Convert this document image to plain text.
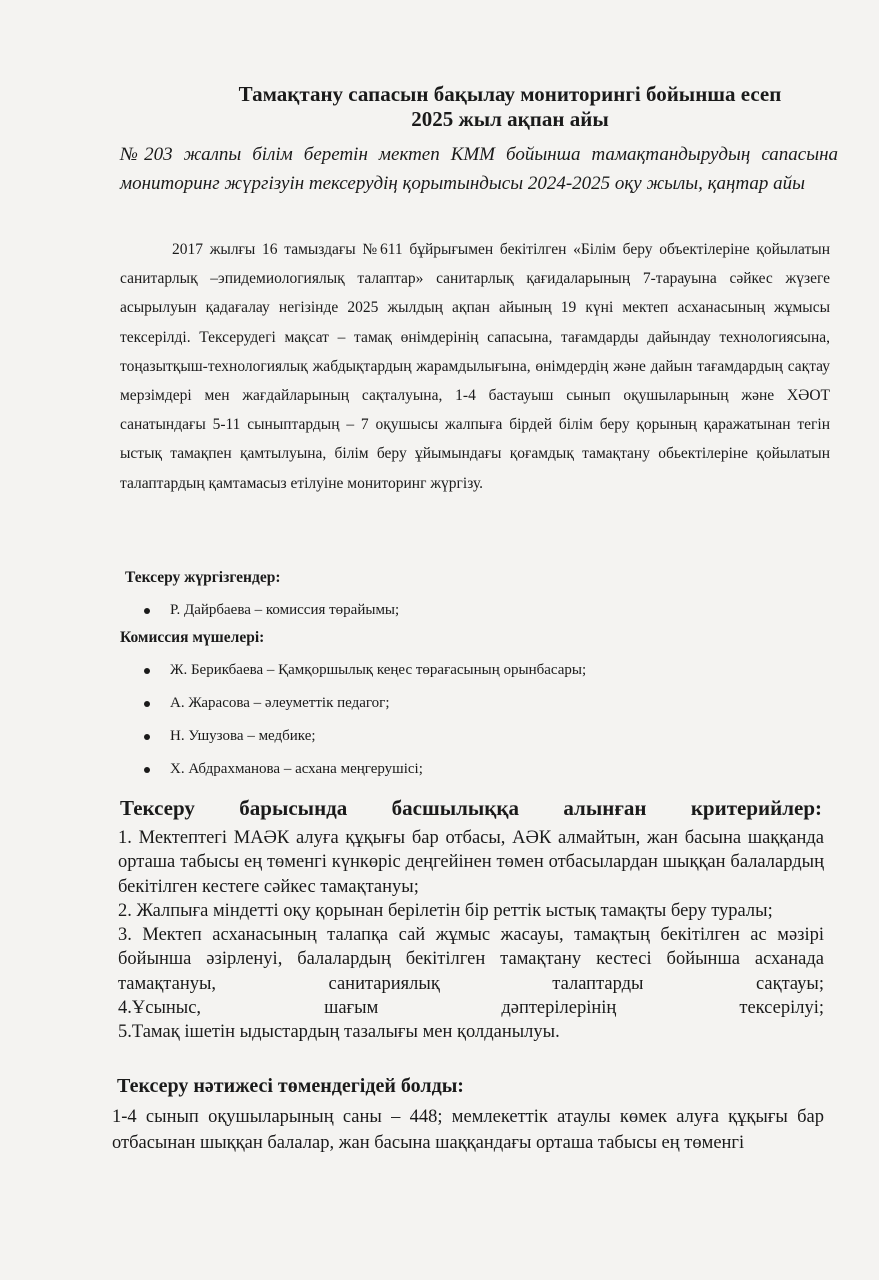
Тамақтану сапасын бақылау мониторингі бойынша есеп
2025 жыл ақпан айы
№203 жалпы білім беретін мектеп КММ бойынша тамақтандырудың сапасына мониторинг жүргізуін тексерудің қорытындысы 2024-2025 оқу жылы, қаңтар айы

2017 жылғы 16 тамыздағы №611 бұйрығымен бекітілген «Білім беру объектілеріне қойылатын санитарлық –эпидемиологиялық талаптар» санитарлық қағидаларының 7-тарауына сәйкес жүзеге асырылуын қадағалау негізінде 2025 жылдың ақпан айының 19 күні мектеп асханасының жұмысы тексерілді. Тексерудегі мақсат – тамақ өнімдерінің сапасына, тағамдарды дайындау технологиясына, тоңазытқыш-технологиялық жабдықтардың жарамдылығына, өнімдердің және дайын тағамдардың сақтау мерзімдері мен жағдайларының сақталуына, 1-4 бастауыш сынып оқушыларының және ХӘОТ санатындағы 5-11 сыныптардың – 7 оқушысы жалпыға бірдей білім беру қорының қаражатынан тегін ыстық тамақпен қамтылуына, білім беру ұйымындағы қоғамдық тамақтану обьектілеріне қойылатын талаптардың қамтамасыз етілуіне мониторинг жүргізу.

Тексеру жүргізгендер:
Р. Дайрбаева – комиссия төрайымы;
Комиссия мүшелері:
Ж. Берикбаева – Қамқоршылық кеңес төрағасының орынбасары;
А. Жарасова – әлеуметтік педагог;
Н. Ушузова – медбике;
Х. Абдрахманова – асхана меңгерушісі;
Тексеру барысында басшылыққа алынған критерийлер:

1. Мектептегі МАӘК алуға құқығы бар отбасы, АӘК алмайтын, жан басына шаққанда орташа табысы ең төменгі күнкөріс деңгейінен төмен отбасылардан шыққан балалардың бекітілген кестеге сәйкес тамақтануы;

2. Жалпыға міндетті оқу қорынан берілетін бір реттік ыстық тамақты беру туралы;

3. Мектеп асханасының талапқа сай жұмыс жасауы, тамақтың бекітілген ас мәзірі бойынша әзірленуі, балалардың бекітілген тамақтану кестесі бойынша асханада тамақтануы, санитариялық талаптарды сақтауы;

4.Ұсыныс, шағым дәптерілерінің тексерілуі;

5.Тамақ ішетін ыдыстардың тазалығы мен қолданылуы.

Тексеру нәтижесі төмендегідей болды:

1-4 сынып оқушыларының саны – 448; мемлекеттік атаулы көмек алуға құқығы бар отбасынан шыққан балалар, жан басына шаққандағы орташа табысы ең төменгі
